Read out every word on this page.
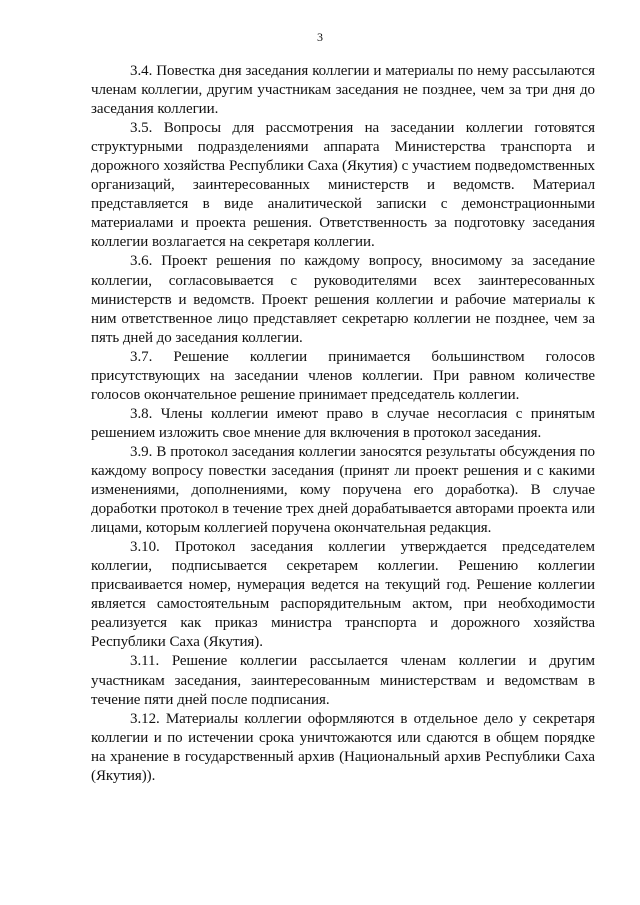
3

3.4. Повестка дня заседания коллегии и материалы по нему рассылаются членам коллегии, другим участникам заседания не позднее, чем за три дня до заседания коллегии.

3.5. Вопросы для рассмотрения на заседании коллегии готовятся структурными подразделениями аппарата Министерства транспорта и дорожного хозяйства Республики Саха (Якутия) с участием подведомственных организаций, заинтересованных министерств и ведомств. Материал представляется в виде аналитической записки с демонстрационными материалами и проекта решения. Ответственность за подготовку заседания коллегии возлагается на секретаря коллегии.

3.6. Проект решения по каждому вопросу, вносимому за заседание коллегии, согласовывается с руководителями всех заинтересованных министерств и ведомств. Проект решения коллегии и рабочие материалы к ним ответственное лицо представляет секретарю коллегии не позднее, чем за пять дней до заседания коллегии.

3.7. Решение коллегии принимается большинством голосов присутствующих на заседании членов коллегии. При равном количестве голосов окончательное решение принимает председатель коллегии.

3.8. Члены коллегии имеют право в случае несогласия с принятым решением изложить свое мнение для включения в протокол заседания.

3.9. В протокол заседания коллегии заносятся результаты обсуждения по каждому вопросу повестки заседания (принят ли проект решения и с какими изменениями, дополнениями, кому поручена его доработка). В случае доработки протокол в течение трех дней дорабатывается авторами проекта или лицами, которым коллегией поручена окончательная редакция.

3.10. Протокол заседания коллегии утверждается председателем коллегии, подписывается секретарем коллегии. Решению коллегии присваивается номер, нумерация ведется на текущий год. Решение коллегии является самостоятельным распорядительным актом, при необходимости реализуется как приказ министра транспорта и дорожного хозяйства Республики Саха (Якутия).

3.11. Решение коллегии рассылается членам коллегии и другим участникам заседания, заинтересованным министерствам и ведомствам в течение пяти дней после подписания.

3.12. Материалы коллегии оформляются в отдельное дело у секретаря коллегии и по истечении срока уничтожаются или сдаются в общем порядке на хранение в государственный архив (Национальный архив Республики Саха (Якутия)).
